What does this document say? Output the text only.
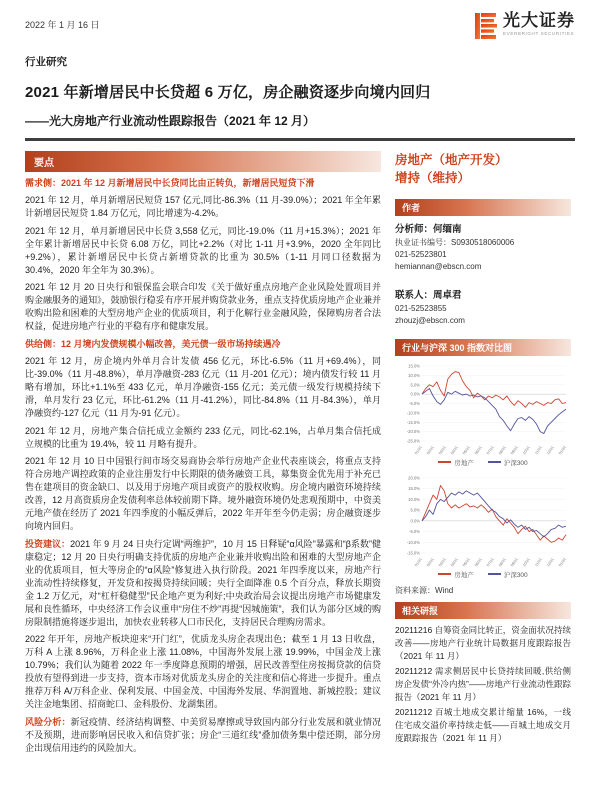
2022 年 1 月 16 日	光大证券
EVERBRIGHT SECURITIES
行业研究
2021 年新增居民中长贷超 6 万亿，房企融资逐步向境内回归
——光大房地产行业流动性跟踪报告（2021 年 12 月）
要点

需求侧：2021 年 12 月新增居民中长贷同比由正转负，新增居民短贷下滑

2021 年 12 月，单月新增居民短贷 157 亿元,同比-86.3%（11 月-39.0%）；2021 年全年累计新增居民短贷 1.84 万亿元，同比增速为-4.2%。

2021 年 12 月，单月新增居民中长贷 3,558 亿元，同比-19.0%（11 月+15.3%）；2021 年全年累计新增居民中长贷 6.08 万亿，同比+2.2%（对比 1-11 月+3.9%，2020 全年同比+9.2%），累计新增居民中长贷占新增贷款的比重为 30.5%（1-11 月同口径数据为 30.4%，2020 年全年为 30.3%）。

2021 年 12 月 20 日央行和银保监会联合印发《关于做好重点房地产企业风险处置项目并购金融服务的通知》，鼓励银行稳妥有序开展并购贷款业务，重点支持优质房地产企业兼并收购出险和困难的大型房地产企业的优质项目，利于化解行业金融风险，保障购房者合法权益，促进房地产行业的平稳有序和健康发展。

供给侧：12 月境内发债规模小幅改善，美元债一级市场持续遇冷

2021 年 12 月，房企境内外单月合计发债 456 亿元，环比-6.5%（11 月+69.4%），同比-39.0%（11 月-48.8%），单月净融资-283 亿元（11 月-201 亿元）；境内债发行较 11 月略有增加，环比+1.1%至 433 亿元，单月净融资-155 亿元；美元债一级发行规模持续下滑，单月发行 23 亿元，环比-61.2%（11 月-41.2%），同比-84.8%（11 月-84.3%），单月净融资约-127 亿元（11 月为-91 亿元）。

2021 年 12 月，房地产集合信托成立金额约 233 亿元，同比-62.1%，占单月集合信托成立规模的比重为 19.4%，较 11 月略有提升。

2021 年 12 月 10 日中国银行间市场交易商协会举行房地产企业代表座谈会，将重点支持符合房地产调控政策的企业注册发行中长期限的债务融资工具，募集资金优先用于补充已售在建项目的资金缺口、以及用于房地产项目或资产的股权收购。房企境内融资环境持续改善，12 月高资质房企发债利率总体较前期下降。境外融资环境仍处悲观预期中，中资美元地产债在经历了 2021 年四季度的小幅反弹后，2022 年开年至今仍走弱；房企融资逐步向境内回归。

投资建议：2021 年 9 月 24 日央行定调“两维护”，10 月 15 日释疑“α风险”暴露和“β系数”健康稳定；12 月 20 日央行明确支持优质的房地产企业兼并收购出险和困难的大型房地产企业的优质项目，恒大等房企的“α风险”修复进入执行阶段。2021 年四季度以来，房地产行业流动性持续修复，开发贷和按揭贷持续回暖；央行全面降准 0.5 个百分点，释放长期资金 1.2 万亿元，对“杠杆稳健型”民企地产更为利好;中央政治局会议提出房地产市场健康发展和良性循环，中央经济工作会议重申“房住不炒”再提“因城施策”，我们认为部分区域的购房限制措施将逐步退出，加快农业转移人口市民化，支持居民合理购房需求。

2022 年开年，房地产板块迎来“开门红”，优质龙头房企表现出色；截至 1 月 13 日收盘，万科 A 上涨 8.96%，万科企业上涨 11.08%，中国海外发展上涨 19.99%，中国金茂上涨 10.79%；我们认为随着 2022 年一季度降息预期的增强，居民改善型住房按揭贷款的信贷投放有望得到进一步支持，资本市场对优质龙头房企的关注度和信心将进一步提升。重点推荐万科 A/万科企业、保利发展、中国金茂、中国海外发展、华润置地、新城控股；建议关注金地集团、招商蛇口、金科股份、龙湖集团。

风险分析：新冠疫情、经济结构调整、中美贸易摩擦或导致国内部分行业发展和就业情况不及预期，进而影响居民收入和信贷扩张；房企“三道红线”叠加债务集中偿还期，部分房企出现信用违约的风险加大。

房地产（地产开发）
增持（维持）
作者
分析师：何缅南
执业证书编号：S0930518060006
021-52523801
hemiannan@ebscn.com
联系人：周卓君
021-52523855
zhouzj@ebscn.com
行业与沪深 300 指数对比图
15.0%
10.0%
5.0%
0.0%
-5.0%
-10.0%
-15.0%
-20.0%
-25.0%
01/21 02/21 03/21 04/21 05/21 06/21 07/21 08/21 09/21 10/21 11/21 12/21 01/22
房地产	沪深300
20.0%
15.0%
10.0%
5.0%
0.0%
-5.0%
-10.0%
-15.0%
01/21 02/21 03/21 04/21 05/21 06/21 07/21 08/21 09/21 10/21 11/21 12/21 01/22
房地产	沪深300
资料来源：Wind
相关研报

20211216 自筹资金同比转正，资金面状况持续改善——房地产行业统计局数据月度跟踪报告（2021 年 11 月）

20211212 需求侧居民中长贷持续回暖,供给侧房企发债“外冷内热”——房地产行业流动性跟踪报告（2021 年 11 月）

20211212 百城土地成交累计缩量 16%，一线住宅成交溢价率持续走低——百城土地成交月度跟踪报告（2021 年 11 月）
